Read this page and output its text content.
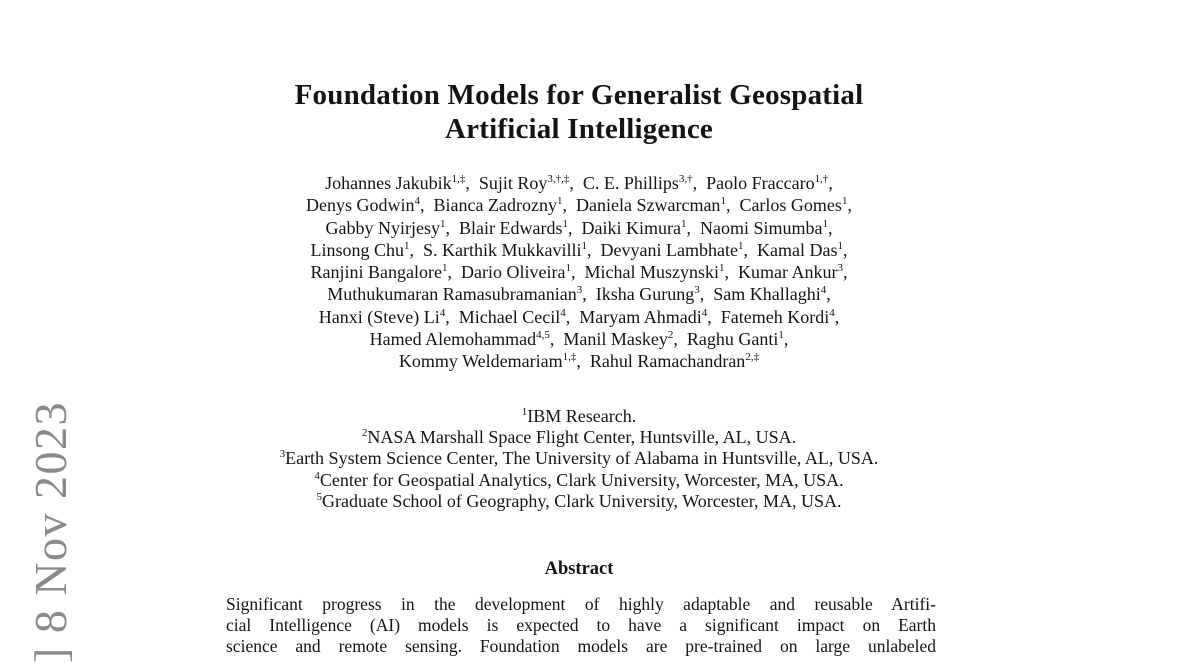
] 8 Nov 2023
Foundation Models for Generalist Geospatial
Artificial Intelligence
Johannes Jakubik$^{1,\ddagger}$,  Sujit Roy$^{3,\dagger,\ddagger}$,  C. E. Phillips$^{3,\dagger}$,  Paolo Fraccaro$^{1,\dagger}$,
Denys Godwin$^4$,  Bianca Zadrozny$^1$,  Daniela Szwarcman$^1$,  Carlos Gomes$^1$,
Gabby Nyirjesy$^1$,  Blair Edwards$^1$,  Daiki Kimura$^1$,  Naomi Simumba$^1$,
Linsong Chu$^1$,  S. Karthik Mukkavilli$^1$,  Devyani Lambhate$^1$,  Kamal Das$^1$,
Ranjini Bangalore$^1$,  Dario Oliveira$^1$,  Michal Muszynski$^1$,  Kumar Ankur$^3$,
Muthukumaran Ramasubramanian$^3$,  Iksha Gurung$^3$,  Sam Khallaghi$^4$,
Hanxi (Steve) Li$^4$,  Michael Cecil$^4$,  Maryam Ahmadi$^4$,  Fatemeh Kordi$^4$,
Hamed Alemohammad$^{4,5}$,  Manil Maskey$^2$,  Raghu Ganti$^1$,
Kommy Weldemariam$^{1,\ddagger}$,  Rahul Ramachandran$^{2,\ddagger}$
$^1$IBM Research.
$^2$NASA Marshall Space Flight Center, Huntsville, AL, USA.
$^3$Earth System Science Center, The University of Alabama in Huntsville, AL, USA.
$^4$Center for Geospatial Analytics, Clark University, Worcester, MA, USA.
$^5$Graduate School of Geography, Clark University, Worcester, MA, USA.
Abstract
Significant progress in the development of highly adaptable and reusable Artifi-
cial Intelligence (AI) models is expected to have a significant impact on Earth
science and remote sensing. Foundation models are pre-trained on large unlabeled
